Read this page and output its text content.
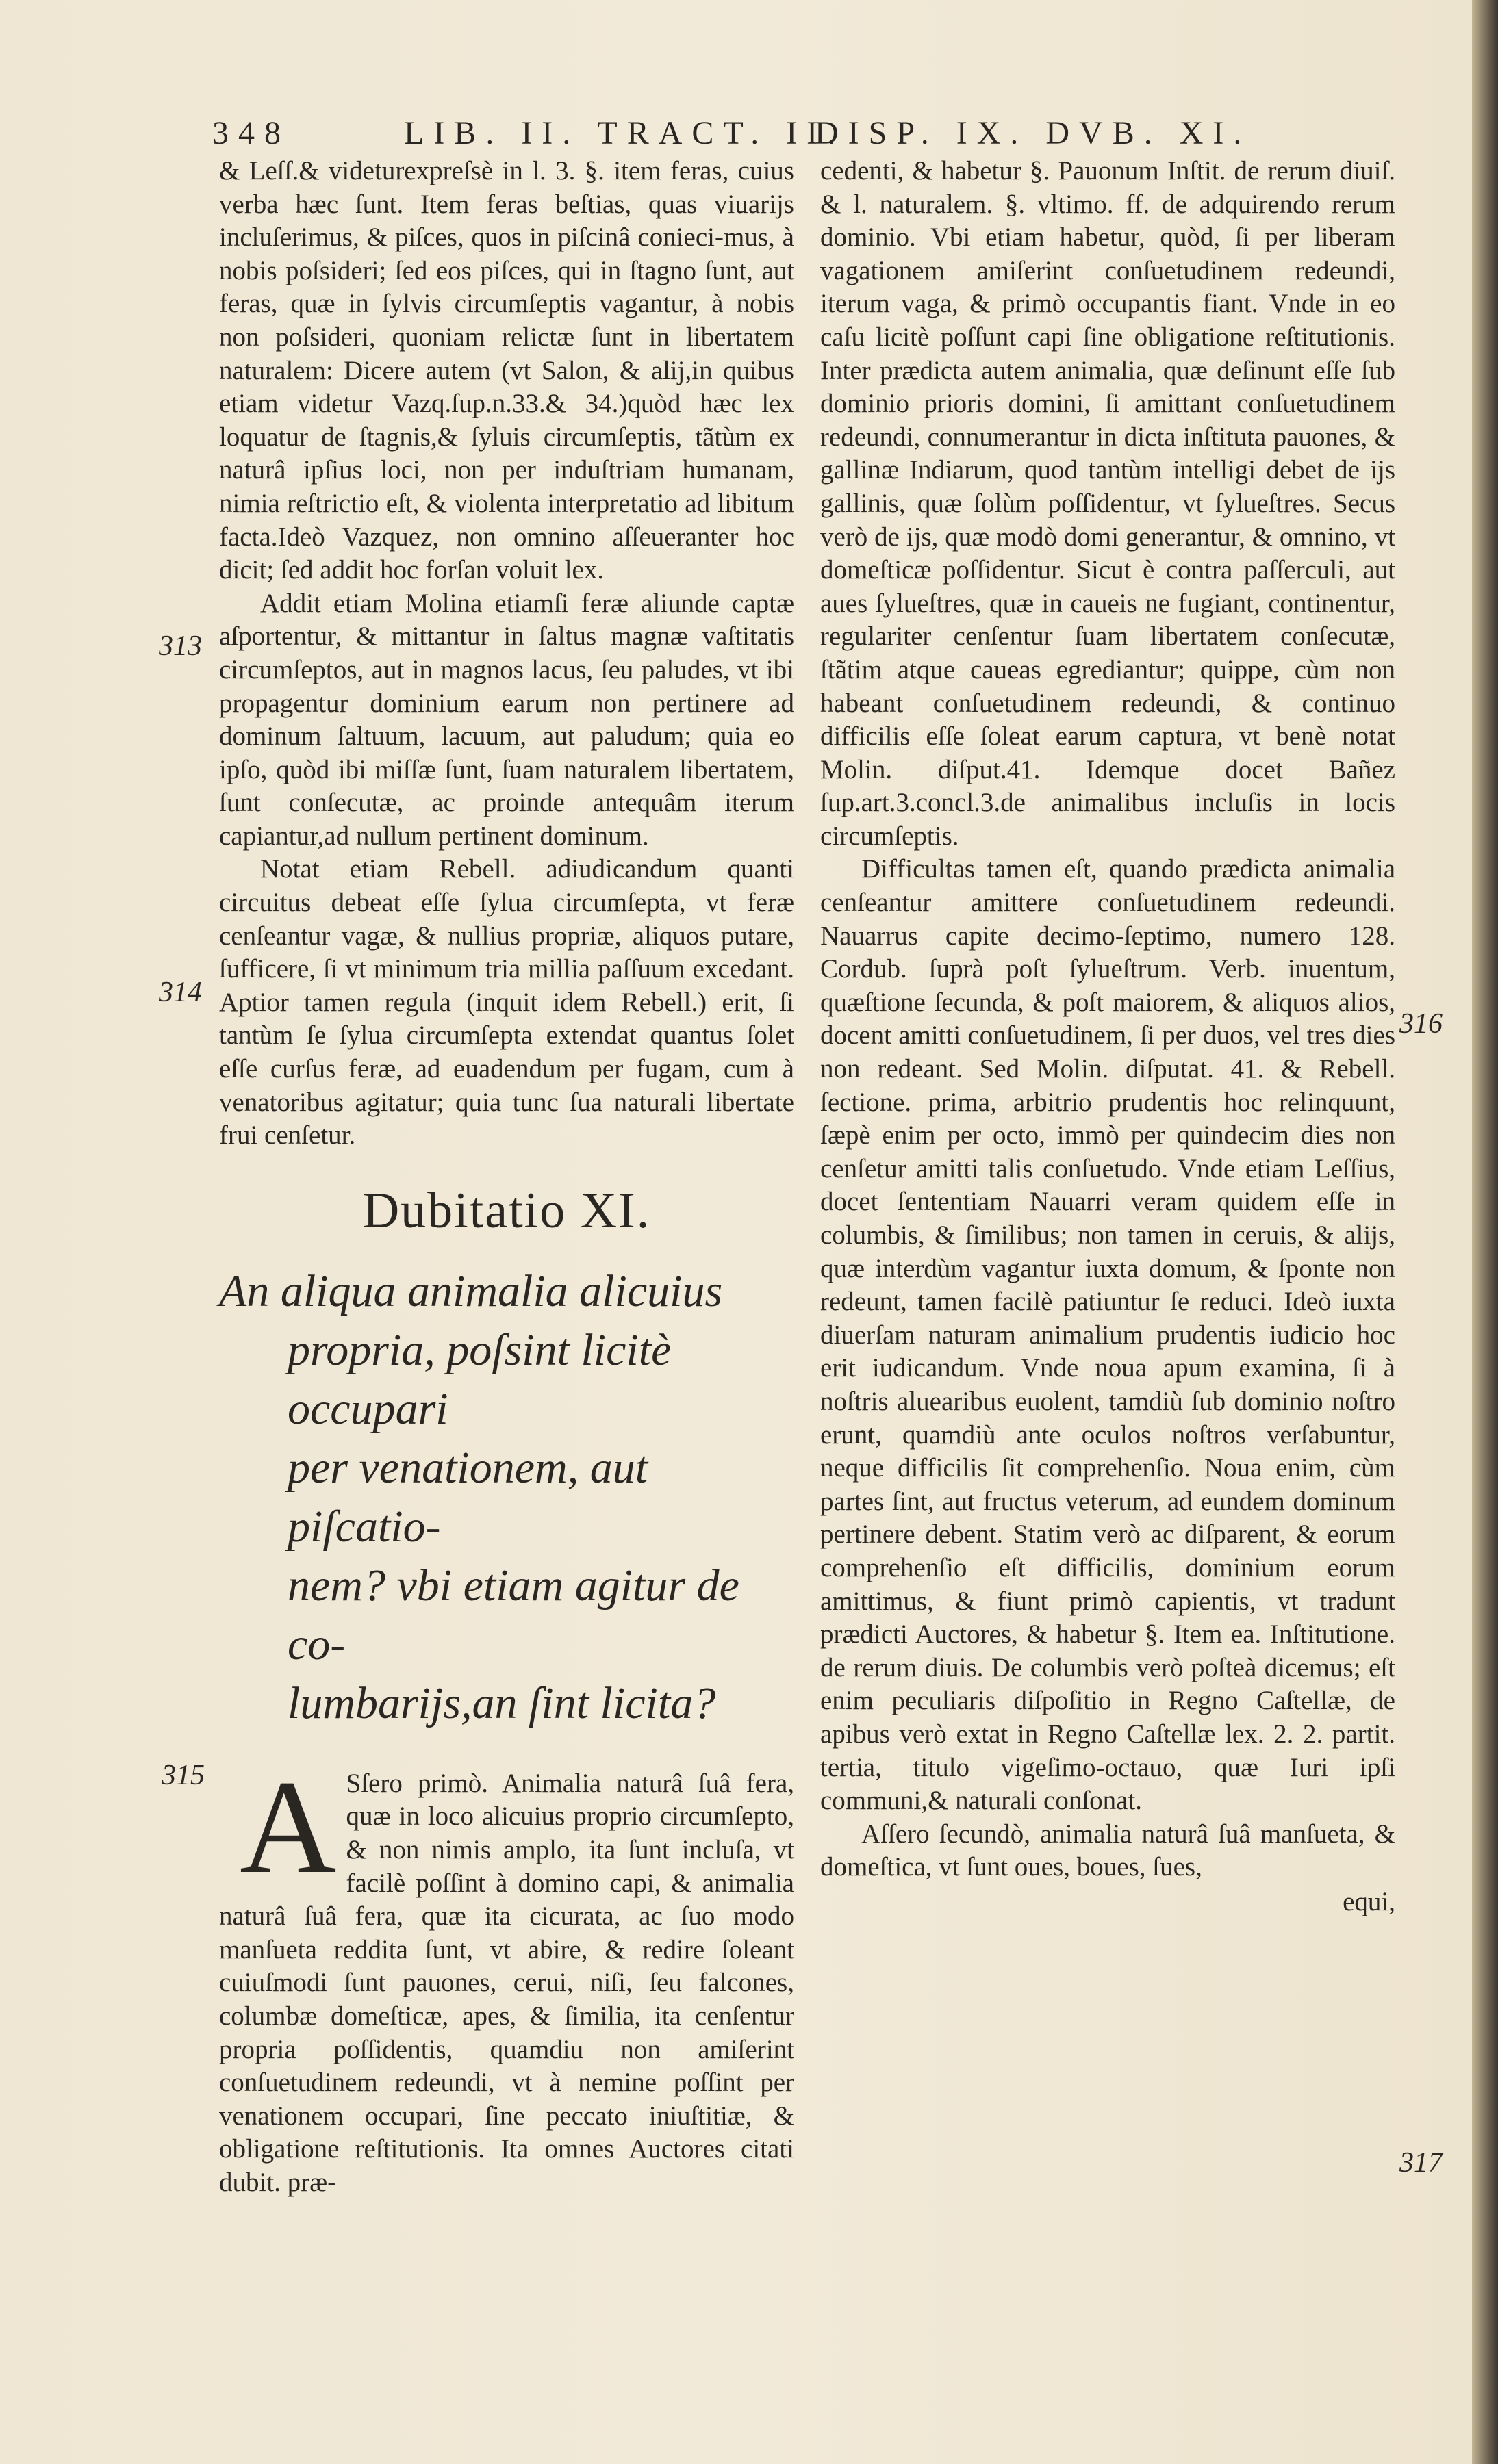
348	LIB. II. TRACT. II.
DISP. IX. DVB. XI.
313
314
315
316
317

& Leſſ.& videturexpreſsè in l. 3. §. item feras, cuius verba hæc ſunt. Item feras beſtias, quas viuarijs incluſerimus, & piſces, quos in piſcinâ conieci-mus, à nobis poſsideri; ſed eos piſces, qui in ſtagno ſunt, aut feras, quæ in ſylvis circumſeptis vagantur, à nobis non poſsideri, quoniam relictæ ſunt in libertatem naturalem: Dicere autem (vt Salon, & alij,in quibus etiam videtur Vazq.ſup.n.33.& 34.)quòd hæc lex loquatur de ſtagnis,& ſyluis circumſeptis, tãtùm ex naturâ ipſius loci, non per induſtriam humanam, nimia reſtrictio eſt, & violenta interpretatio ad libitum facta.Ideò Vazquez, non omnino aſſeueranter hoc dicit; ſed addit hoc forſan voluit lex.

Addit etiam Molina etiamſi feræ aliunde captæ aſportentur, & mittantur in ſaltus magnæ vaſtitatis circumſeptos, aut in magnos lacus, ſeu paludes, vt ibi propagentur dominium earum non pertinere ad dominum ſaltuum, lacuum, aut paludum; quia eo ipſo, quòd ibi miſſæ ſunt, ſuam naturalem libertatem, ſunt conſecutæ, ac proinde antequâm iterum capiantur,ad nullum pertinent dominum.

Notat etiam Rebell. adiudicandum quanti circuitus debeat eſſe ſylua circumſepta, vt feræ cenſeantur vagæ, & nullius propriæ, aliquos putare, ſufficere, ſi vt minimum tria millia paſſuum excedant. Aptior tamen regula (inquit idem Rebell.) erit, ſi tantùm ſe ſylua circumſepta extendat quantus ſolet eſſe curſus feræ, ad euadendum per fugam, cum à venatoribus agitatur; quia tunc ſua naturali libertate frui cenſetur.

Dubitatio XI.
An aliqua animalia alicuius
propria, poſsint licitè occupari
per venationem, aut piſcatio-
nem? vbi etiam agitur de co-
lumbarijs,an ſint licita?
A Sſero primò. Animalia naturâ ſuâ fera, quæ in loco alicuius proprio circumſepto, & non nimis amplo, ita ſunt incluſa, vt facilè poſſint à domino capi, & animalia naturâ ſuâ fera, quæ ita cicurata, ac ſuo modo manſueta reddita ſunt, vt abire, & redire ſoleant cuiuſmodi ſunt pauones, cerui, niſi, ſeu falcones, columbæ domeſticæ, apes, & ſimilia, ita cenſentur propria poſſidentis, quamdiu non amiſerint conſuetudinem redeundi, vt à nemine poſſint per venationem occupari, ſine peccato iniuſtitiæ, & obligatione reſtitutionis. Ita omnes Auctores citati dubit. præ-

cedenti, & habetur §. Pauonum Inſtit. de rerum diuiſ. & l. naturalem. §. vltimo. ff. de adquirendo rerum dominio. Vbi etiam habetur, quòd, ſi per liberam vagationem amiſerint conſuetudinem redeundi, iterum vaga, & primò occupantis fiant. Vnde in eo caſu licitè poſſunt capi ſine obligatione reſtitutionis. Inter prædicta autem animalia, quæ deſinunt eſſe ſub dominio prioris domini, ſi amittant conſuetudinem redeundi, connumerantur in dicta inſtituta pauones, & gallinæ Indiarum, quod tantùm intelligi debet de ijs gallinis, quæ ſolùm poſſidentur, vt ſylueſtres. Secus verò de ijs, quæ modò domi generantur, & omnino, vt domeſticæ poſſidentur. Sicut è contra paſſerculi, aut aues ſylueſtres, quæ in caueis ne fugiant, continentur, regulariter cenſentur ſuam libertatem conſecutæ, ſtãtim atque caueas egrediantur; quippe, cùm non habeant conſuetudinem redeundi, & continuo difficilis eſſe ſoleat earum captura, vt benè notat Molin. diſput.41. Idemque docet Bañez ſup.art.3.concl.3.de animalibus incluſis in locis circumſeptis.

Difficultas tamen eſt, quando prædicta animalia cenſeantur amittere conſuetudinem redeundi. Nauarrus capite decimo-ſeptimo, numero 128. Cordub. ſuprà poſt ſylueſtrum. Verb. inuentum, quæſtione ſecunda, & poſt maiorem, & aliquos alios, docent amitti conſuetudinem, ſi per duos, vel tres dies non redeant. Sed Molin. diſputat. 41. & Rebell. ſectione. prima, arbitrio prudentis hoc relinquunt, ſæpè enim per octo, immò per quindecim dies non cenſetur amitti talis conſuetudo. Vnde etiam Leſſius, docet ſententiam Nauarri veram quidem eſſe in columbis, & ſimilibus; non tamen in ceruis, & alijs, quæ interdùm vagantur iuxta domum, & ſponte non redeunt, tamen facilè patiuntur ſe reduci. Ideò iuxta diuerſam naturam animalium prudentis iudicio hoc erit iudicandum. Vnde noua apum examina, ſi à noſtris aluearibus euolent, tamdiù ſub dominio noſtro erunt, quamdiù ante oculos noſtros verſabuntur, neque difficilis ſit comprehenſio. Noua enim, cùm partes ſint, aut fructus veterum, ad eundem dominum pertinere debent. Statim verò ac diſparent, & eorum comprehenſio eſt difficilis, dominium eorum amittimus, & fiunt primò capientis, vt tradunt prædicti Auctores, & habetur §. Item ea. Inſtitutione. de rerum diuis. De columbis verò poſteà dicemus; eſt enim peculiaris diſpoſitio in Regno Caſtellæ, de apibus verò extat in Regno Caſtellæ lex. 2. 2. partit. tertia, titulo vigeſimo-octauo, quæ Iuri ipſi communi,& naturali conſonat.

Aſſero ſecundò, animalia naturâ ſuâ manſueta, & domeſtica, vt ſunt oues, boues, ſues,

equi,
